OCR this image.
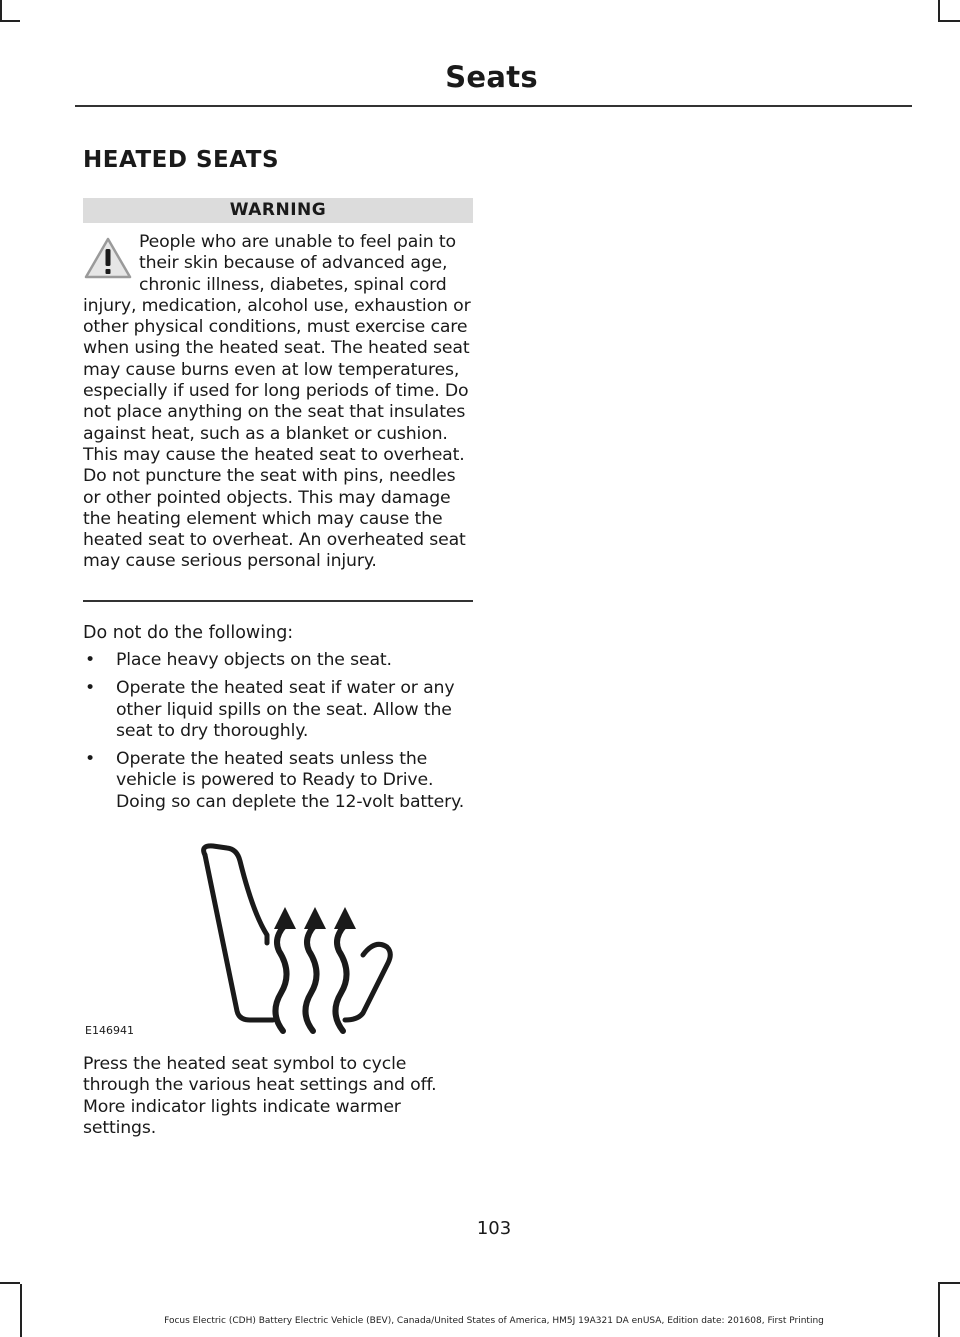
Seats
HEATED SEATS
WARNING
People who are unable to feel pain to their skin because of advanced age, chronic illness, diabetes, spinal cord injury, medication, alcohol use, exhaustion or other physical conditions, must exercise care when using the heated seat. The heated seat may cause burns even at low temperatures, especially if used for long periods of time. Do not place anything on the seat that insulates against heat, such as a blanket or cushion. This may cause the heated seat to overheat. Do not puncture the seat with pins, needles or other pointed objects. This may damage the heating element which may cause the heated seat to overheat. An overheated seat may cause serious personal injury.
Do not do the following:
• Place heavy objects on the seat.
• Operate the heated seat if water or any other liquid spills on the seat. Allow the seat to dry thoroughly.
• Operate the heated seats unless the vehicle is powered to Ready to Drive. Doing so can deplete the 12-volt battery.
E146941
Press the heated seat symbol to cycle through the various heat settings and off. More indicator lights indicate warmer settings.
103
Focus Electric (CDH) Battery Electric Vehicle (BEV), Canada/United States of America, HM5J 19A321 DA enUSA, Edition date: 201608, First Printing
